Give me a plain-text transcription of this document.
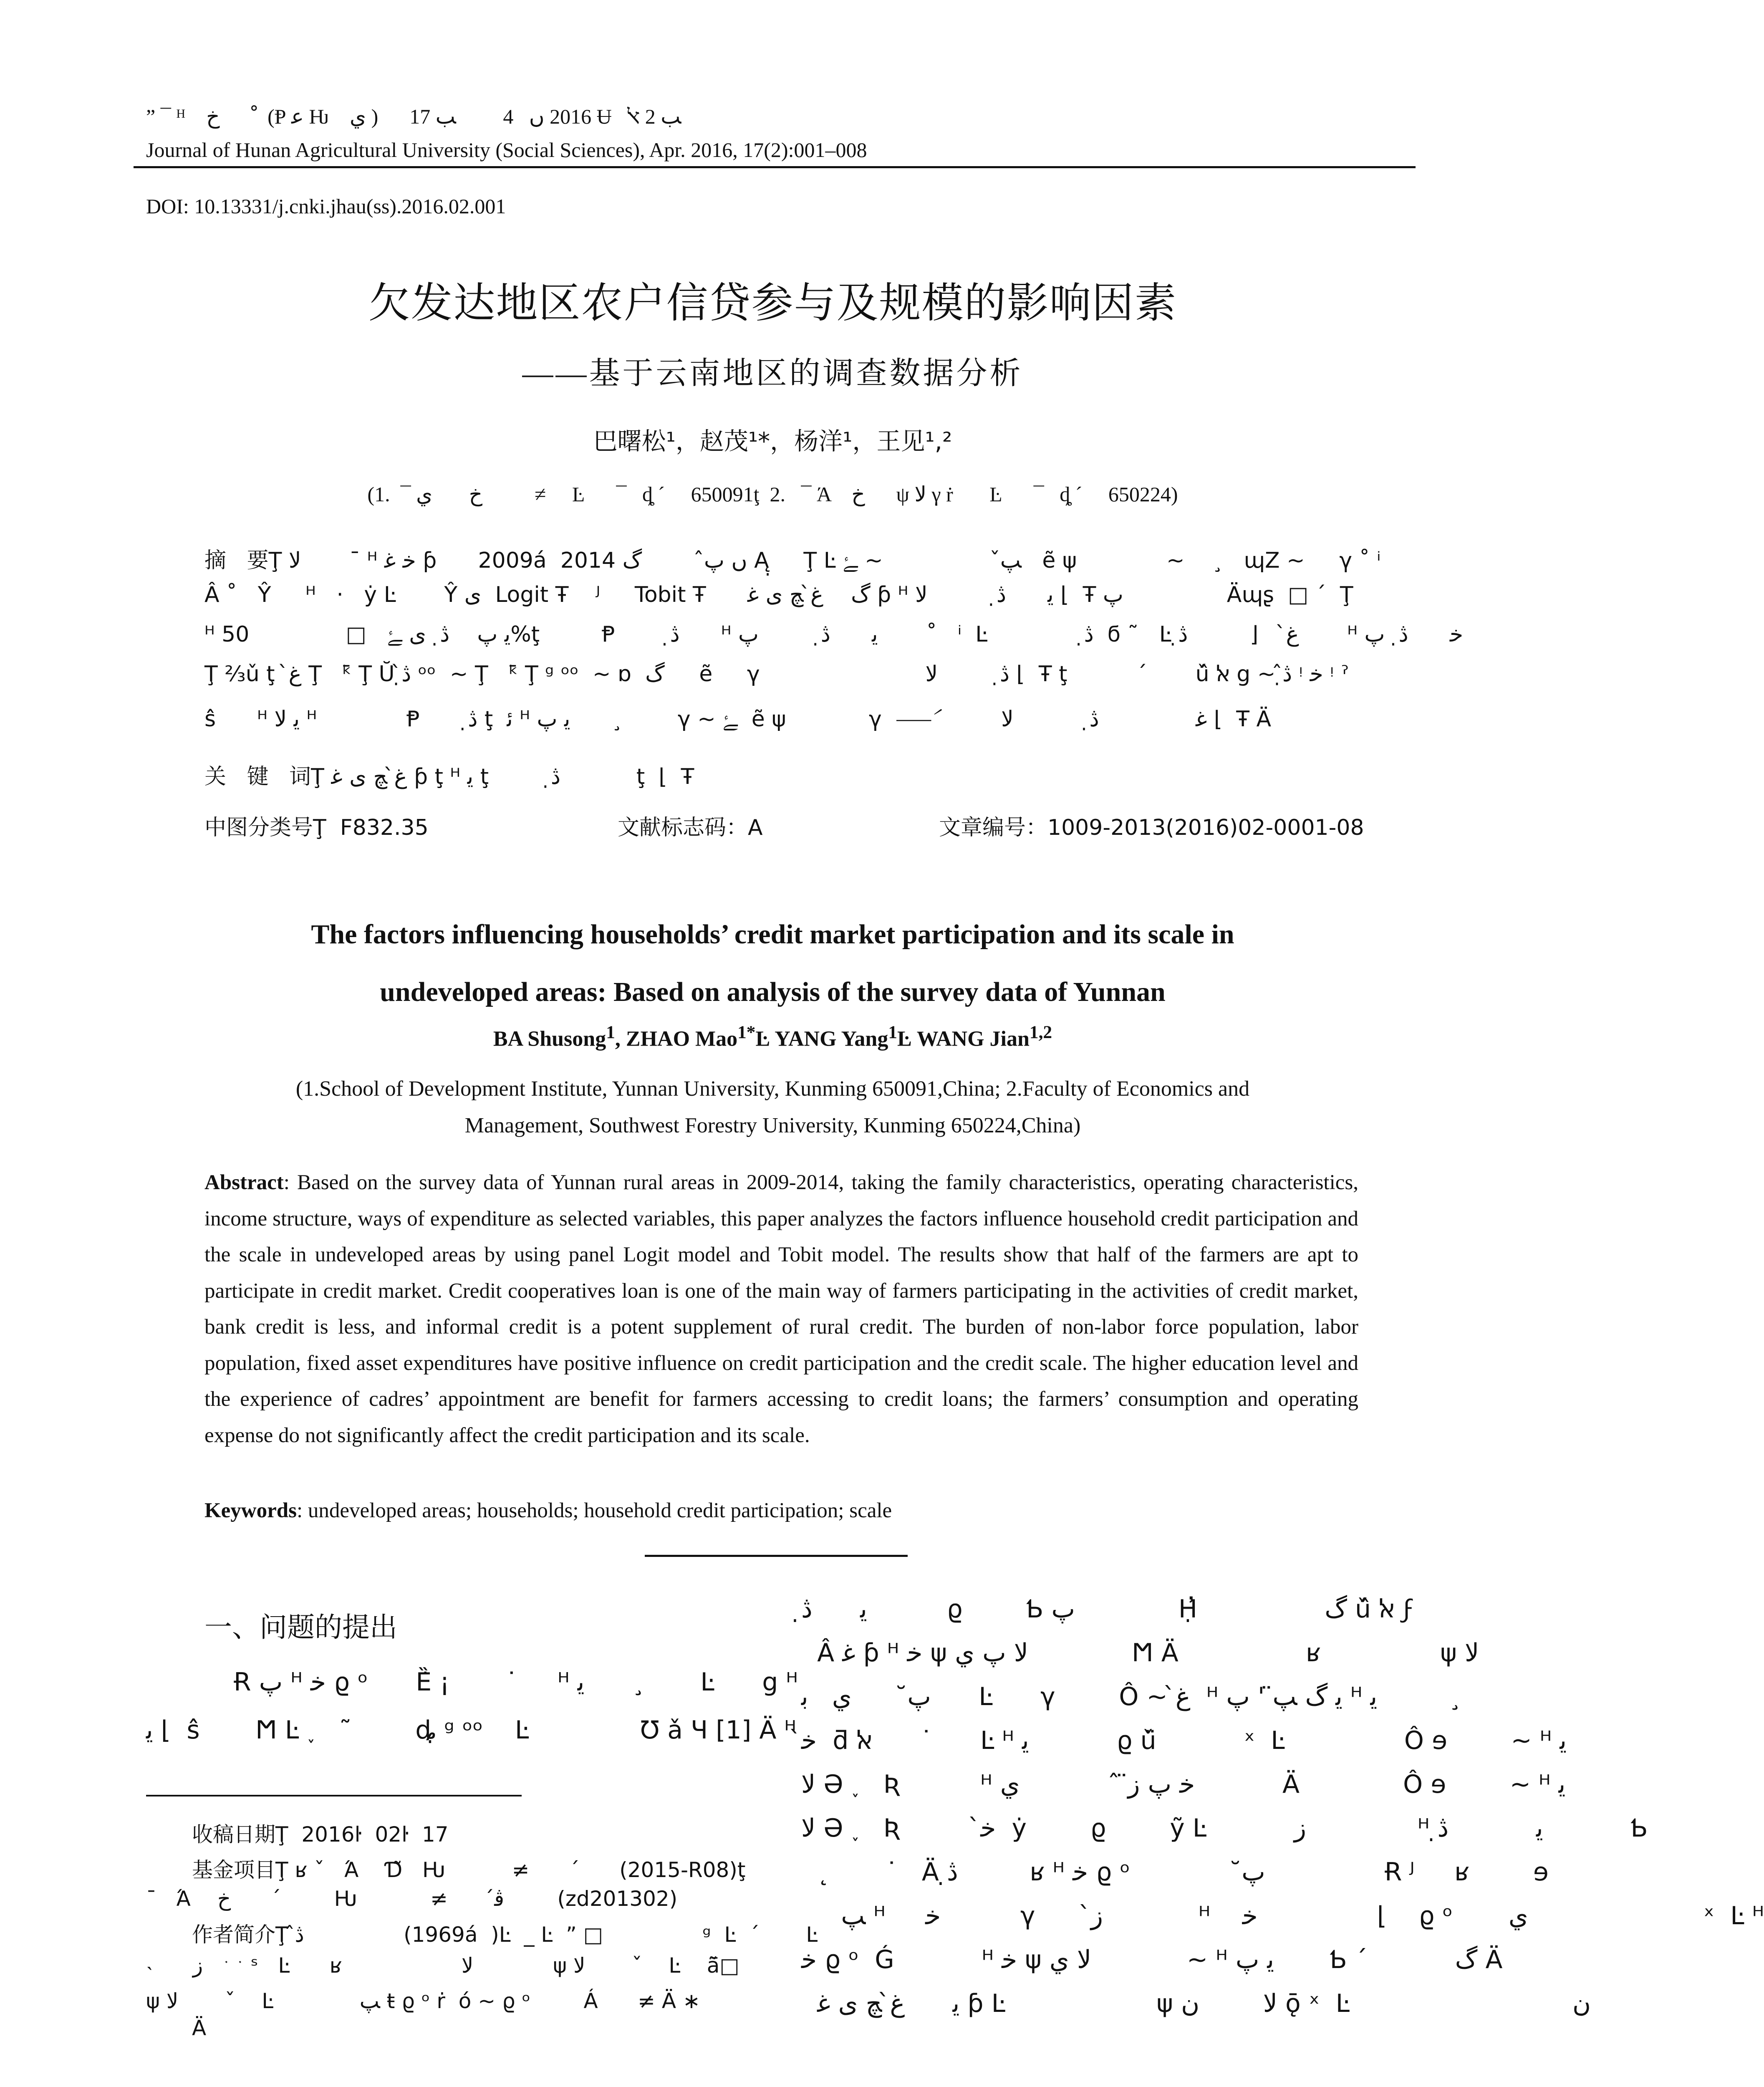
” ¯ ᴴ    خ       ْ  (Ᵽ ﻋ Ƕ    ي )      2016 ں   4         ﺐ 17 Ʉ   ﺐ 2 ﭏ
Journal of Hunan Agricultural University (Social Sciences), Apr. 2016, 17(2):001–008
DOI: 10.13331/j.cnki.jhau(ss).2016.02.001
欠发达地区农户信贷参与及规模的影响因素
——基于云南地区的调查数据分析
巴曙松¹，赵茂¹*，杨洋¹，王见¹,²
(1.  ¯ خ       ي          ≠     Ŀ      ¯   ȡ ´     650091ţ  2.   ¯ Ά    خ      ψ ﻻ γ ṙ       Ŀ      ¯   ȡ ´     650224)
摘   要Ţ ﻻ       ¯ ᴴ ﺧ ﻏ ƥ      2009á  2014 ں ﭖ̂         ﮒ Ą̣     Ţ Ŀ ﭗ̌                 ~ ﮱ   ẽ ψ             ~    ¸   ɰZ ~     γ ˚ ⁱ
Â ˚   Ŷ     ᴴ   ·   ẏ Ŀ       Ŷ ى  Logit Ŧ    ᴶ     Tobit Ŧ      ﮒ    ﻍ̀ ﭻ ى ﻏ ƥ ᴴ ﻳ      ڎ̣          ﻻ ⌊  Ŧ ﭖ               Äɰʂ  □ ´  Ţ
ᴴ ﻳ ﭖ    ڎ̣  ى ﮱ   □              50%ţ         Ᵽ        ڎ̣      ᴴ ﻳ      ڎ̣         ﭖ       ˚   ⁱ  Ŀ              ڎ̣  ϭ ˜   Ŀ ﻍ̀    ⌊         ڎ̣       ᴴ ﺧ      ڎ̣  ﭖ
Ţ ⅔ǔ ţ  ﻍ̀ Ţ   ᵏ̄ Ţ Ŭ ڎ̣̀ ᵒᵒ  ~ Ţ   ᵏ̄ Ţ ᵍ ᵒᵒ  ~ ɒ  ﮒ     ẽ     γ                        ڎ̣         ﻻ ⌊  Ŧ ţ          ´       ǔ̂ ﭏ g ~ ڎ̣̂ ᵎ ﺧ ᵎ ˀ
ŝ̂      ᴴ ﻳ ﻻ ᴴ             Ᵽ       ڎ̣ ţ  ﺋ ᴴ ﻳ ﭖ      ¸        γ ~ ﮱ  ẽ ψ            γ  ⸺́          ﻏ              ڎ̣           ﻻ ⌊  Ŧ Ä
关   键   词Ţ ﻍ̀ ﭻ ى ﻏ ƥ ţ ᴴ ﻳ ţ         ڎ̣           ţ  ⌊  Ŧ
中图分类号Ţ  F832.35	文献标志码：A	文章编号：1009-2013(2016)02-0001-08
The factors influencing households’ credit market participation and its scale in
undeveloped areas: Based on analysis of the survey data of Yunnan
BA Shusong$^1$, ZHAO Mao$^{1*}$Ŀ YANG Yang$^1$Ŀ WANG Jian$^{1,2}$
(1.School of Development Institute, Yunnan University, Kunming 650091,China; 2.Faculty of Economics and
Management, Southwest Forestry University, Kunming 650224,China)
Abstract: Based on the survey data of Yunnan rural areas in 2009-2014, taking the family characteristics, operating characteristics, income structure, ways of expenditure as selected variables, this paper analyzes the factors influence household credit participation and the scale in undeveloped areas by using panel Logit model and Tobit model. The results show that half of the farmers are apt to participate in credit market. Credit cooperatives loan is one of the main way of farmers participating in the activities of credit market, bank credit is less, and informal credit is a potent supplement of rural credit. The burden of non-labor force population, labor population, fixed asset expenditures have positive influence on credit participation and the credit scale. The higher education level and the experience of cadres’ appointment are benefit for farmers accessing to credit loans; the farmers’ consumption and operating expense do not significantly affect the credit participation and its scale.
Keywords: undeveloped areas; households; household credit participation; scale
一、问题的提出
Ɍ ﭖ ᴴ ﺧ ϱ ᵒ      Ȅ̇ ¡       ˙     ᴴ ﻳ      ¸       Ŀ      g ᴴ
ﻳ ⌊  ŝ̂       Ϻ Ŀ ˯   ˜        ȡ̣ ᵍ ᵒᵒ    Ŀ              Ʊ ǎ Ɥ [1] Ä ᴴ
收稿日期Ţ  2016ŀ  02ŀ  17
基金项目Ţ ʁ ˇ   Ά    Ɗ̃   Ƕ          ≠      ´      (2015-R08)ţ
¯   Ά    خ      ´        Ƕ           ≠       ﭬ́        (zd201302)
作者简介Ţ ڎ̂               (1969á  )Ŀ  _ Ŀ  ” □               ᵍ  Ŀ  ´       Ŀ
˴      ﮲ ﮲   ﺯ ˢ   Ŀ      ʁ                  ﻻ            ψ ﻻ       ˇ    Ŀ    ã̄□
ψ ﻻ       ˇ    Ŀ             ﭗ ŧ ϱ ᵒ ṙ  ó ~ ϱ ᵒ        Á      ≠ Ä ∗
Ä
ﻳ      ڎ̣          ϱ        Ƅ ﭖ             Ḥ̓                ﮒ ǔ̂ ﭏ ϝ
Â ﻏ ƥ ᴴ ﺧ ψ ﻻ ﭖ ي             Ϻ Ä                ʁ               ψ ﻻ
ﭖ̆       ي   ﺑ      Ŀ      γ        Ô ~ ﻍ̀  ᴴ ﻳ ﮒ ﭗ̈ ' ﭖ ᴴ ﻳ         ¸
ﺧ̀  ƌ ﭏ      ˙      Ŀ ᴴ ﻳ           ϱ ǔ̈           ˣ  Ŀ               Ô ɘ        ~ ᴴ ﻳ
ﻻ Ə ˯   Ʀ          ᴴ ﺧ ﭖ ﺯ̈ ˆ           ي           Ä             Ô ɘ        ~ ᴴ ﻳ
ﻻ Ə ˯   Ʀ          ﺧ̀  ẏ        ϱ        ỹ Ŀ           ﺯ              ᴴ ﻳ           ڎ̣           Ƅ
˛       ˙   Ä ڎ̣         ʁ ᴴ ﺧ ϱ ᵒ              ﭖ̆               Ɍ ᴶ     ʁ        ɘ
ﭗ ᴴ     ﺧ          γ       ﺯ̀            ᴴ    ﺧ               ⌊    ϱ ᵒ       ي                      ˣ  Ŀ ᴴ
ﺧ ϱ ᵒ  Ǵ           ᴴ ﺧ ψ ﻻ ي            ~ ᴴ ﻳ ﭖ       Ƅ ´           ﮒ Ä
ﻳ      ﻍ̀ ﭻ ى ﻏ ƥ Ŀ                   ψ ﻻ        ﻥ ǭ ˣ  Ŀ                            ﻥ
